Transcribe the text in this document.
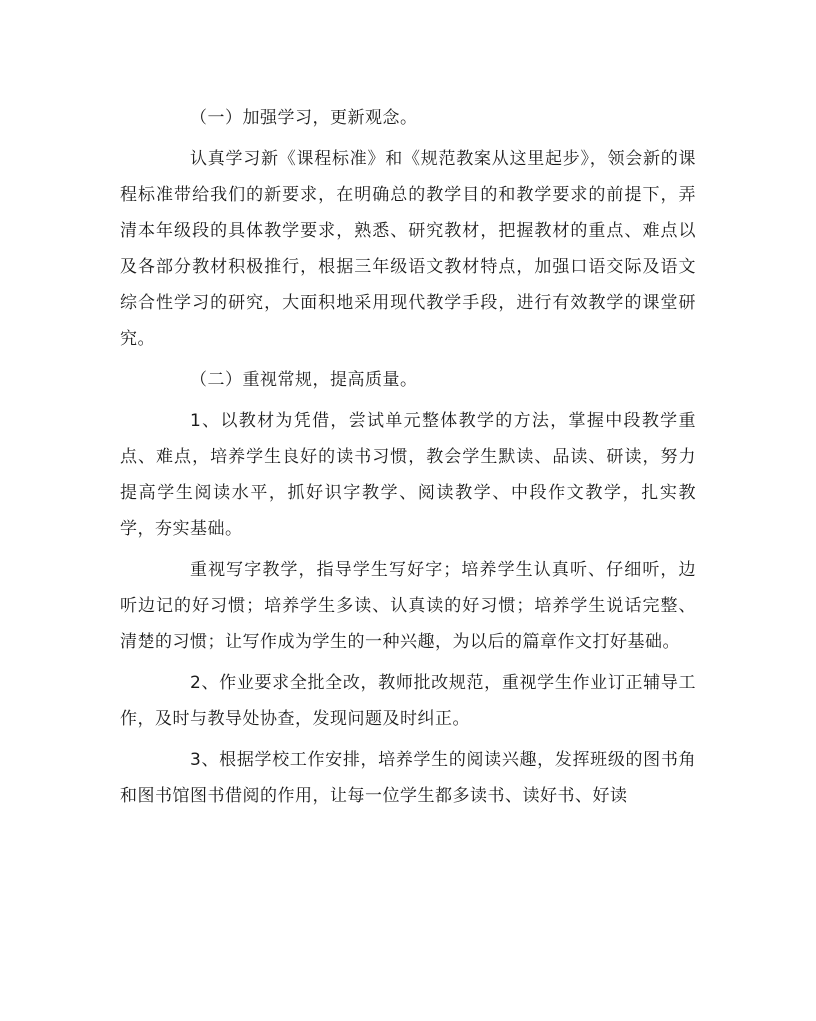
（一）加强学习，更新观念。

认真学习新《课程标准》和《规范教案从这里起步》，领会新的课程标准带给我们的新要求，在明确总的教学目的和教学要求的前提下，弄清本年级段的具体教学要求，熟悉、研究教材，把握教材的重点、难点以及各部分教材积极推行，根据三年级语文教材特点，加强口语交际及语文综合性学习的研究，大面积地采用现代教学手段，进行有效教学的课堂研究。

（二）重视常规，提高质量。

1、以教材为凭借，尝试单元整体教学的方法，掌握中段教学重点、难点，培养学生良好的读书习惯，教会学生默读、品读、研读，努力提高学生阅读水平，抓好识字教学、阅读教学、中段作文教学，扎实教学，夯实基础。

重视写字教学，指导学生写好字；培养学生认真听、仔细听，边听边记的好习惯；培养学生多读、认真读的好习惯；培养学生说话完整、清楚的习惯；让写作成为学生的一种兴趣，为以后的篇章作文打好基础。

2、作业要求全批全改，教师批改规范，重视学生作业订正辅导工作，及时与教导处协查，发现问题及时纠正。

3、根据学校工作安排，培养学生的阅读兴趣，发挥班级的图书角和图书馆图书借阅的作用，让每一位学生都多读书、读好书、好读
